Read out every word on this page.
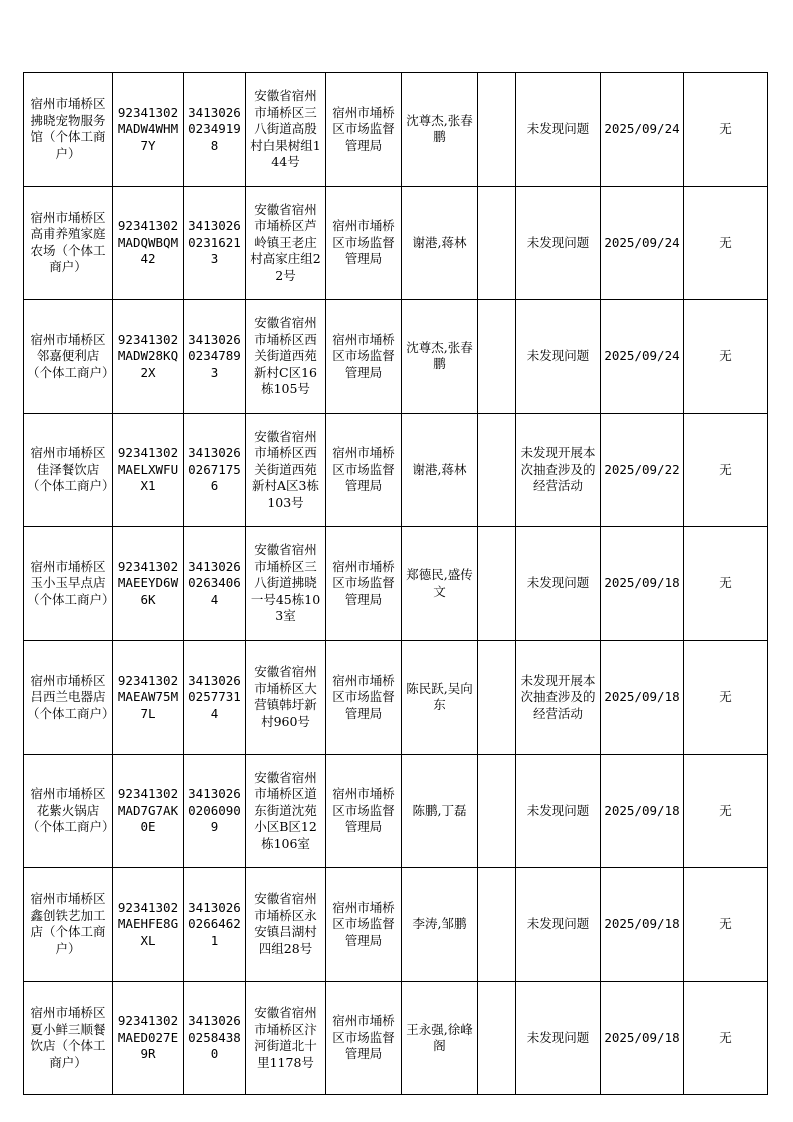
宿州市埇桥区拂晓宠物服务馆（个体工商户）	92341302MADW4WHM7Y	341302602349198	安徽省宿州市埇桥区三八街道高殷村白果树组144号	宿州市埇桥区市场监督管理局	沈尊杰,张春鹏		未发现问题	2025/09/24	无
宿州市埇桥区高甫养殖家庭农场（个体工商户）	92341302MADQWBQM42	341302602316213	安徽省宿州市埇桥区芦岭镇王老庄村高家庄组22号	宿州市埇桥区市场监督管理局	谢港,蒋林		未发现问题	2025/09/24	无
宿州市埇桥区邻嘉便利店（个体工商户）	92341302MADW28KQ2X	341302602347893	安徽省宿州市埇桥区西关街道西苑新村C区16栋105号	宿州市埇桥区市场监督管理局	沈尊杰,张春鹏		未发现问题	2025/09/24	无
宿州市埇桥区佳泽餐饮店（个体工商户）	92341302MAELXWFUX1	341302602671756	安徽省宿州市埇桥区西关街道西苑新村A区3栋103号	宿州市埇桥区市场监督管理局	谢港,蒋林		未发现开展本次抽查涉及的经营活动	2025/09/22	无
宿州市埇桥区玉小玉早点店（个体工商户）	92341302MAEEYD6W6K	341302602634064	安徽省宿州市埇桥区三八街道拂晓一号45栋103室	宿州市埇桥区市场监督管理局	郑德民,盛传文		未发现问题	2025/09/18	无
宿州市埇桥区吕西兰电器店（个体工商户）	92341302MAEAW75M7L	341302602577314	安徽省宿州市埇桥区大营镇韩圩新村960号	宿州市埇桥区市场监督管理局	陈民跃,吴向东		未发现开展本次抽查涉及的经营活动	2025/09/18	无
宿州市埇桥区花紫火锅店（个体工商户）	92341302MAD7G7AK0E	341302602060909	安徽省宿州市埇桥区道东街道沈苑小区B区12栋106室	宿州市埇桥区市场监督管理局	陈鹏,丁磊		未发现问题	2025/09/18	无
宿州市埇桥区鑫创铁艺加工店（个体工商户）	92341302MAEHFE8GXL	341302602664621	安徽省宿州市埇桥区永安镇吕湖村四组28号	宿州市埇桥区市场监督管理局	李涛,邹鹏		未发现问题	2025/09/18	无
宿州市埇桥区夏小鲜三顺餐饮店（个体工商户）	92341302MAED027E9R	341302602584380	安徽省宿州市埇桥区汴河街道北十里1178号	宿州市埇桥区市场监督管理局	王永强,徐峰阁		未发现问题	2025/09/18	无
